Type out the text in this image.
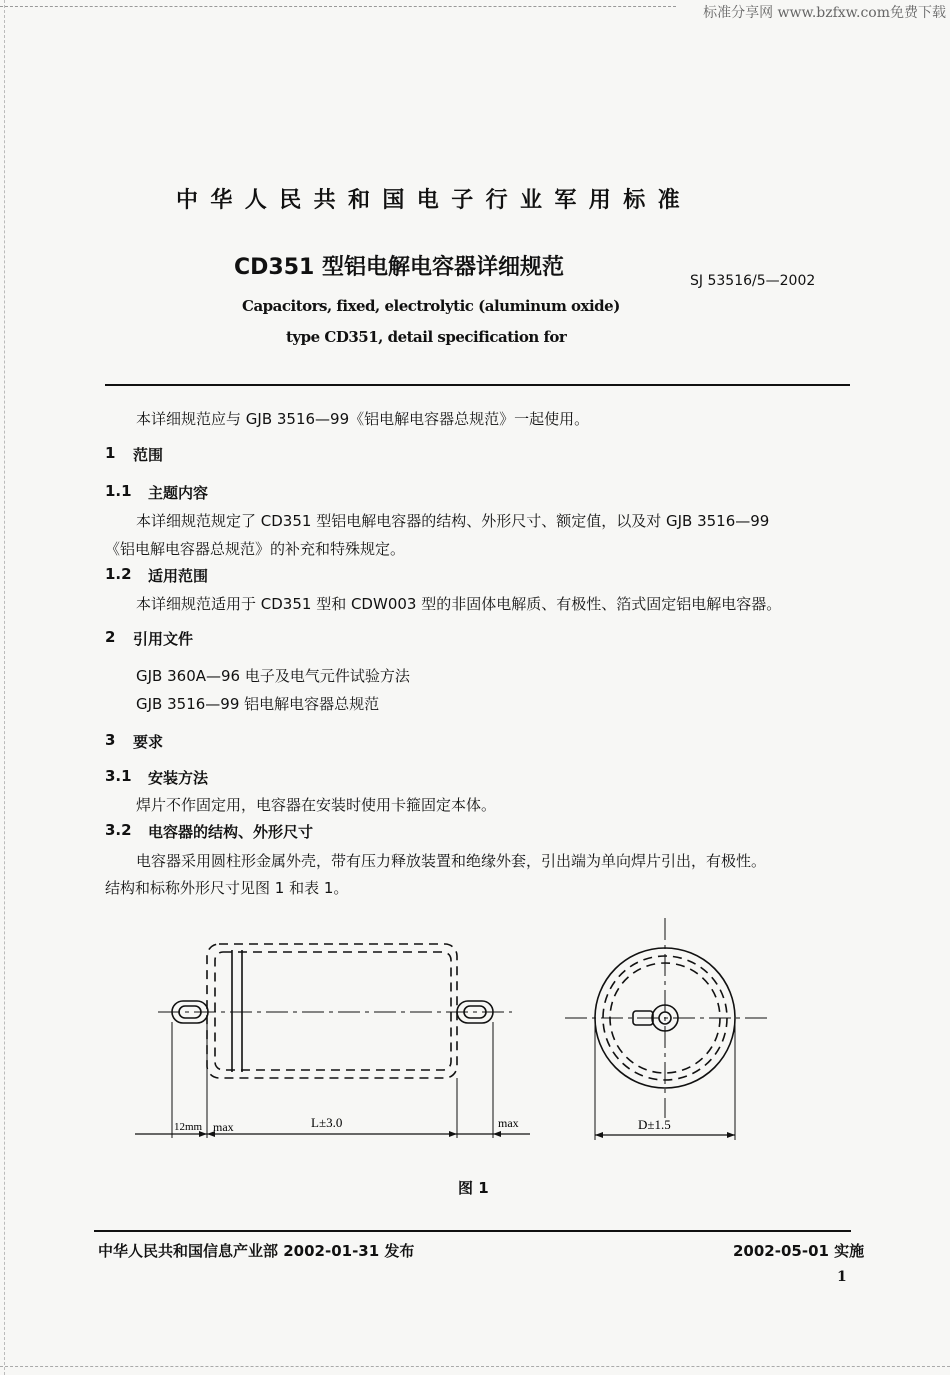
标准分享网 www.bzfxw.com免费下载
中华人民共和国电子行业军用标准
CD351 型铝电解电容器详细规范
SJ 53516/5—2002
Capacitors, fixed, electrolytic (aluminum oxide)
type CD351, detail specification for
本详细规范应与 GJB 3516—99《铝电解电容器总规范》一起使用。
1 范围
1.1 主题内容
本详细规范规定了 CD351 型铝电解电容器的结构、外形尺寸、额定值，以及对 GJB 3516—99
《铝电解电容器总规范》的补充和特殊规定。
1.2 适用范围
本详细规范适用于 CD351 型和 CDW003 型的非固体电解质、有极性、箔式固定铝电解电容器。
2 引用文件
GJB 360A—96 电子及电气元件试验方法
GJB 3516—99 铝电解电容器总规范
3 要求
3.1 安装方法
焊片不作固定用，电容器在安装时使用卡箍固定本体。
3.2 电容器的结构、外形尺寸
电容器采用圆柱形金属外壳，带有压力释放装置和绝缘外套，引出端为单向焊片引出，有极性。
结构和标称外形尺寸见图 1 和表 1。
12mm max	L±3.0	max	D±1.5
图 1
中华人民共和国信息产业部 2002-01-31 发布	2002-05-01 实施
1
